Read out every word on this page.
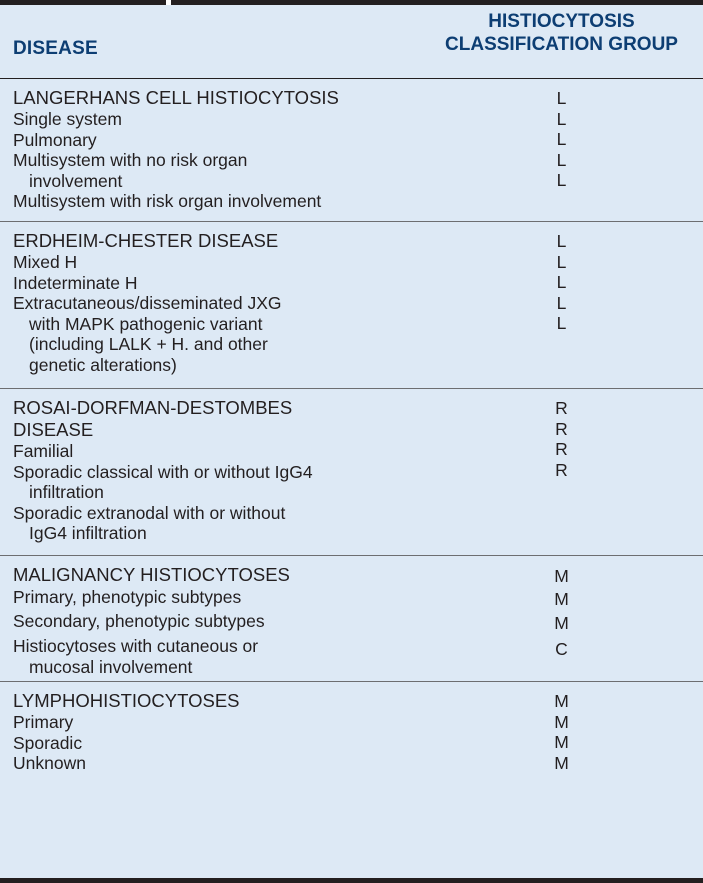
DISEASE
HISTIOCYTOSIS
CLASSIFICATION GROUP
LANGERHANS CELL HISTIOCYTOSIS
Single system
Pulmonary
Multisystem with no risk organ
involvement
Multisystem with risk organ involvement
L
L
L
L
L
ERDHEIM-CHESTER DISEASE
Mixed H
Indeterminate H
Extracutaneous/disseminated JXG
with MAPK pathogenic variant
(including LALK + H. and other
genetic alterations)
L
L
L
L
L
ROSAI-DORFMAN-DESTOMBES
DISEASE
Familial
Sporadic classical with or without IgG4
infiltration
Sporadic extranodal with or without
IgG4 infiltration
R
R
R
R
MALIGNANCY HISTIOCYTOSES
Primary, phenotypic subtypes
Secondary, phenotypic subtypes
Histiocytoses with cutaneous or
mucosal involvement
M
M
M
C
LYMPHOHISTIOCYTOSES
Primary
Sporadic
Unknown
M
M
M
M
